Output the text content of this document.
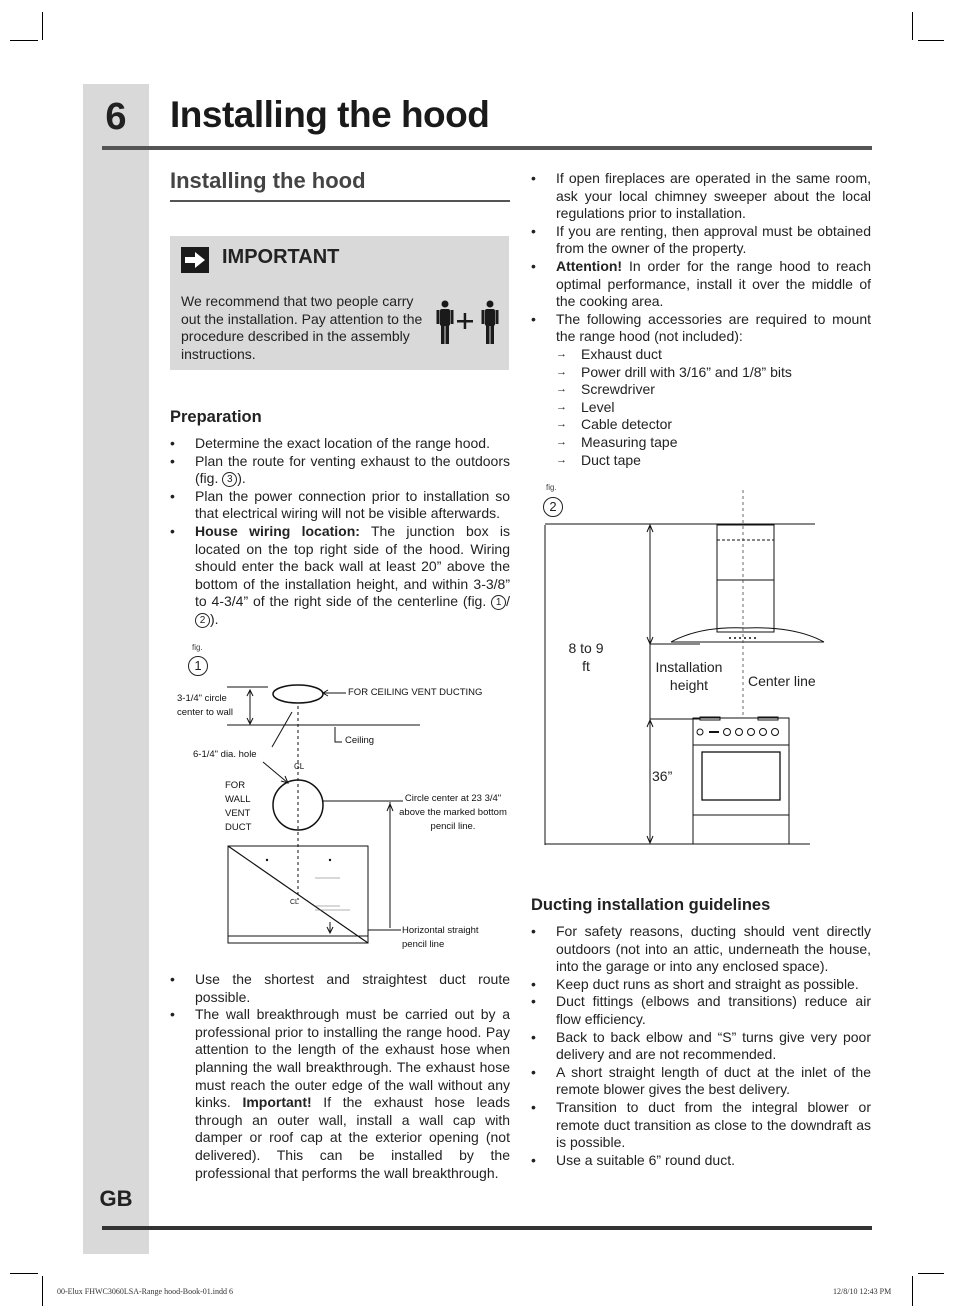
6
GB
Installing the hood
Installing the hood
IMPORTANT
We recommend that two people carry out the installation. Pay attention to the procedure described in the assembly instructions.
Preparation
• Determine the exact location of the range hood.
• Plan the route for venting exhaust to the outdoors (fig. 3 ).
• Plan the power connection prior to installation so that electrical wiring will not be visible afterwards.
• House wiring location: The junction box is located on the top right side of the hood. Wiring should enter the back wall at least 20” above the bottom of the installation height, and within 3-3/8” to 4-3/4” of the right side of the centerline (fig. 1 /2 ).
fig.
1
3-1/4" circle center to wall
FOR CEILING VENT DUCTING
Ceiling
6-1/4" dia. hole
CL
FOR WALL VENT DUCT
Circle center at 23 3/4" above the marked bottom pencil line.
Horizontal straight pencil line
CL
• Use the shortest and straightest duct route possible.
• The wall breakthrough must be carried out by a professional prior to installing the range hood. Pay attention to the length of the exhaust hose when planning the wall breakthrough. The exhaust hose must reach the outer edge of the wall without any kinks. Important! If the exhaust hose leads through an outer wall, install a wall cap with damper or roof cap at the exterior opening (not delivered). This can be installed by the professional that performs the wall breakthrough.
• If open fireplaces are operated in the same room, ask your local chimney sweeper about the local regulations prior to installation.
• If you are renting, then approval must be obtained from the owner of the property.
• Attention! In order for the range hood to reach optimal performance, install it over the middle of the cooking area.
• The following accessories are required to mount the range hood (not included):
→ Exhaust duct
→ Power drill with 3/16” and 1/8” bits
→ Screwdriver
→ Level
→ Cable detector
→ Measuring tape
→ Duct tape
fig.
2
8 to 9 ft	Installation height	Center line
36”
Ducting installation guidelines
• For safety reasons, ducting should vent directly outdoors (not into an attic, underneath the house, into the garage or into any enclosed space).
• Keep duct runs as short and straight as possible.
• Duct fittings (elbows and transitions) reduce air flow efficiency.
• Back to back elbow and “S” turns give very poor delivery and are not recommended.
• A short straight length of duct at the inlet of the remote blower gives the best delivery.
• Transition to duct from the integral blower or remote duct transition as close to the downdraft as is possible.
• Use a suitable 6” round duct.
00-Elux FHWC3060LSA-Range hood-Book-01.indd 6	12/8/10 12:43 PM
